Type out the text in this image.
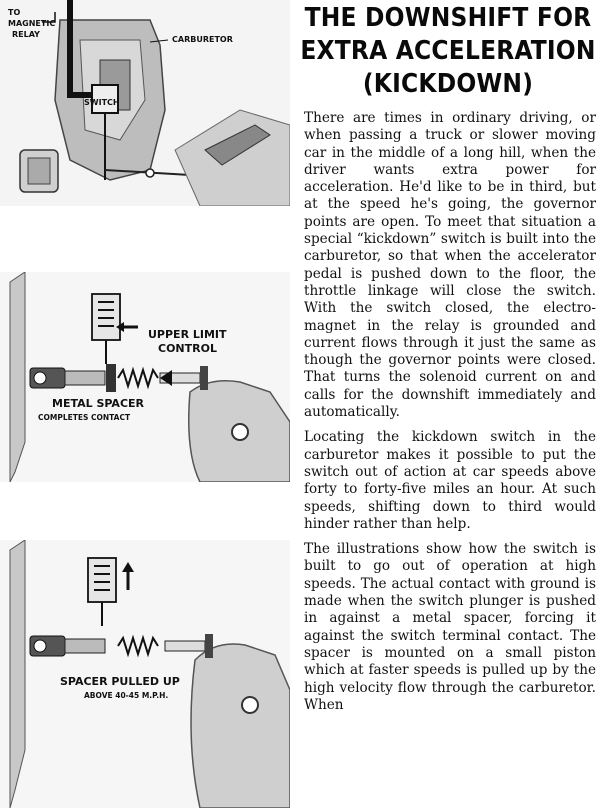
TO
MAGNETIC
RELAY
CARBURETOR
SWITCH
UPPER LIMIT
CONTROL
METAL SPACER
COMPLETES CONTACT
SPACER PULLED UP
ABOVE 40-45 M.P.H.
THE DOWNSHIFT FOR
EXTRA ACCELERATION
(KICKDOWN)

There are times in ordinary driving, or when passing a truck or slower moving car in the middle of a long hill, when the driver wants extra power for acceleration. He'd like to be in third, but at the speed he's going, the governor points are open. To meet that situation a special “kickdown” switch is built into the carburetor, so that when the accelerator pedal is pushed down to the floor, the throttle linkage will close the switch. With the switch closed, the electro-magnet in the relay is grounded and current flows through it just the same as though the governor points were closed. That turns the solenoid current on and calls for the downshift immediately and automatically.

Locating the kickdown switch in the carburetor makes it possible to put the switch out of action at car speeds above forty to forty-five miles an hour. At such speeds, shifting down to third would hinder rather than help.

The illustrations show how the switch is built to go out of operation at high speeds. The actual contact with ground is made when the switch plunger is pushed in against a metal spacer, forcing it against the switch terminal contact. The spacer is mounted on a small piston which at faster speeds is pulled up by the high velocity flow through the carburetor. When
